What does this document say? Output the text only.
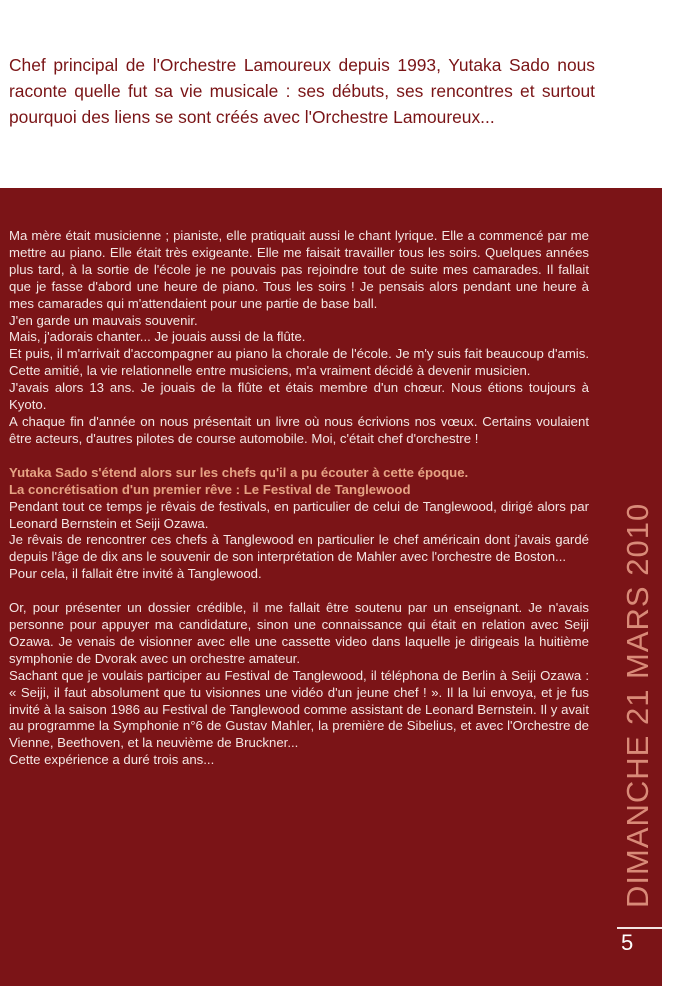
Chef principal de l'Orchestre Lamoureux depuis 1993, Yutaka Sado nous raconte quelle fut sa vie musicale : ses débuts, ses rencontres et surtout pourquoi des liens se sont créés avec l'Orchestre Lamoureux...

Ma mère était musicienne ; pianiste, elle pratiquait aussi le chant lyrique. Elle a commencé par me mettre au piano. Elle était très exigeante. Elle me faisait travailler tous les soirs. Quelques années plus tard, à la sortie de l'école je ne pouvais pas rejoindre tout de suite mes camarades. Il fallait que je fasse d'abord une heure de piano. Tous les soirs ! Je pensais alors pendant une heure à mes camarades qui m'attendaient pour une partie de base ball.

J'en garde un mauvais souvenir.

Mais, j'adorais chanter... Je jouais aussi de la flûte.

Et puis, il m'arrivait d'accompagner au piano la chorale de l'école. Je m'y suis fait beaucoup d'amis. Cette amitié, la vie relationnelle entre musiciens, m'a vraiment décidé à devenir musicien.

J'avais alors 13 ans. Je jouais de la flûte et étais membre d'un chœur. Nous étions toujours à Kyoto.

A chaque fin d'année on nous présentait un livre où nous écrivions nos vœux. Certains voulaient être acteurs, d'autres pilotes de course automobile. Moi, c'était chef d'orchestre !

Yutaka Sado s'étend alors sur les chefs qu'il a pu écouter à cette époque.

La concrétisation d'un premier rêve : Le Festival de Tanglewood

Pendant tout ce temps je rêvais de festivals, en particulier de celui de Tanglewood, dirigé alors par Leonard Bernstein et Seiji Ozawa.

Je rêvais de rencontrer ces chefs à Tanglewood en particulier le chef américain dont j'avais gardé depuis l'âge de dix ans le souvenir de son interprétation de Mahler avec l'orchestre de Boston...

Pour cela, il fallait être invité à Tanglewood.

Or, pour présenter un dossier crédible, il me fallait être soutenu par un enseignant. Je n'avais personne pour appuyer ma candidature, sinon une connaissance qui était en relation avec Seiji Ozawa. Je venais de visionner avec elle une cassette video dans laquelle je dirigeais la huitième symphonie de Dvorak avec un orchestre amateur.

Sachant que je voulais participer au Festival de Tanglewood, il téléphona de Berlin à Seiji Ozawa : « Seiji, il faut absolument que tu visionnes une vidéo d'un jeune chef ! ». Il la lui envoya, et je fus invité à la saison 1986 au Festival de Tanglewood comme assistant de Leonard Bernstein. Il y avait au programme la Symphonie n°6 de Gustav Mahler, la première de Sibelius, et avec l'Orchestre de Vienne, Beethoven, et la neuvième de Bruckner...

Cette expérience a duré trois ans...	DIMANCHE 21 MARS 2010
5
